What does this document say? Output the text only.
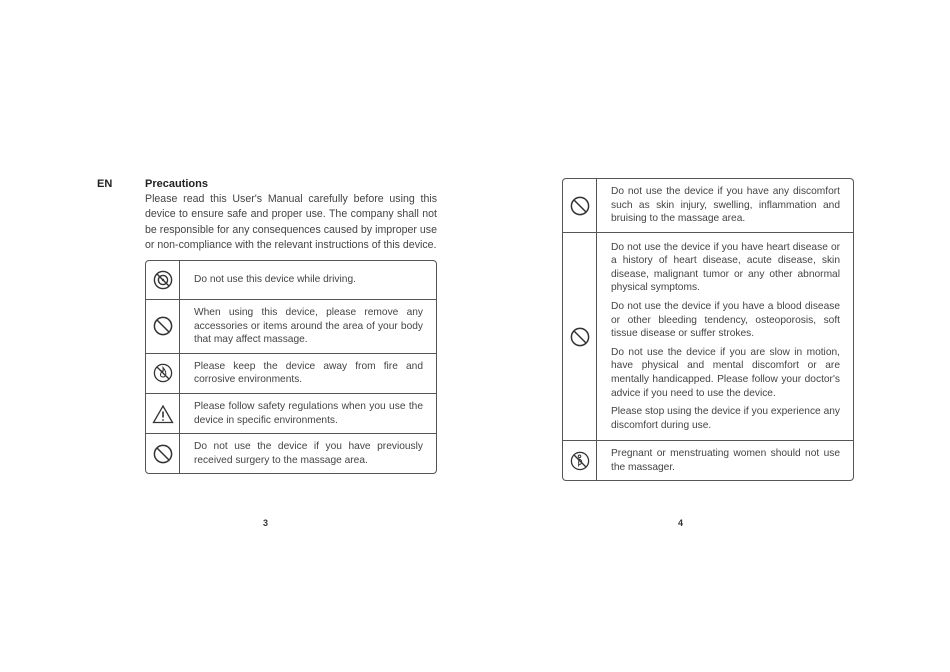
EN	Precautions
Please read this User's Manual carefully before using this device to ensure safe and proper use. The company shall not be responsible for any consequences caused by improper use or non-compliance with the relevant instructions of this device.
	Do not use this device while driving.

	When using this device, please remove any accessories or items around the area of your body that may affect massage.

	Please keep the device away from fire and corrosive environments.

	Please follow safety regulations when you use the device in specific environments.

	Do not use the device if you have previously received surgery to the massage area.
	Do not use the device if you have any discomfort such as skin injury, swelling, inflammation and bruising to the massage area.

Do not use the device if you have heart disease or a history of heart disease, acute disease, skin disease, malignant tumor or any other abnormal physical symptoms.

Do not use the device if you have a blood disease or other bleeding tendency, osteoporosis, soft tissue disease or suffer strokes.

Do not use the device if you are slow in motion, have physical and mental discomfort or are mentally handicapped. Please follow your doctor's advice if you need to use the device.

Please stop using the device if you experience any discomfort during use.

	Pregnant or menstruating women should not use the massager.
3	4
